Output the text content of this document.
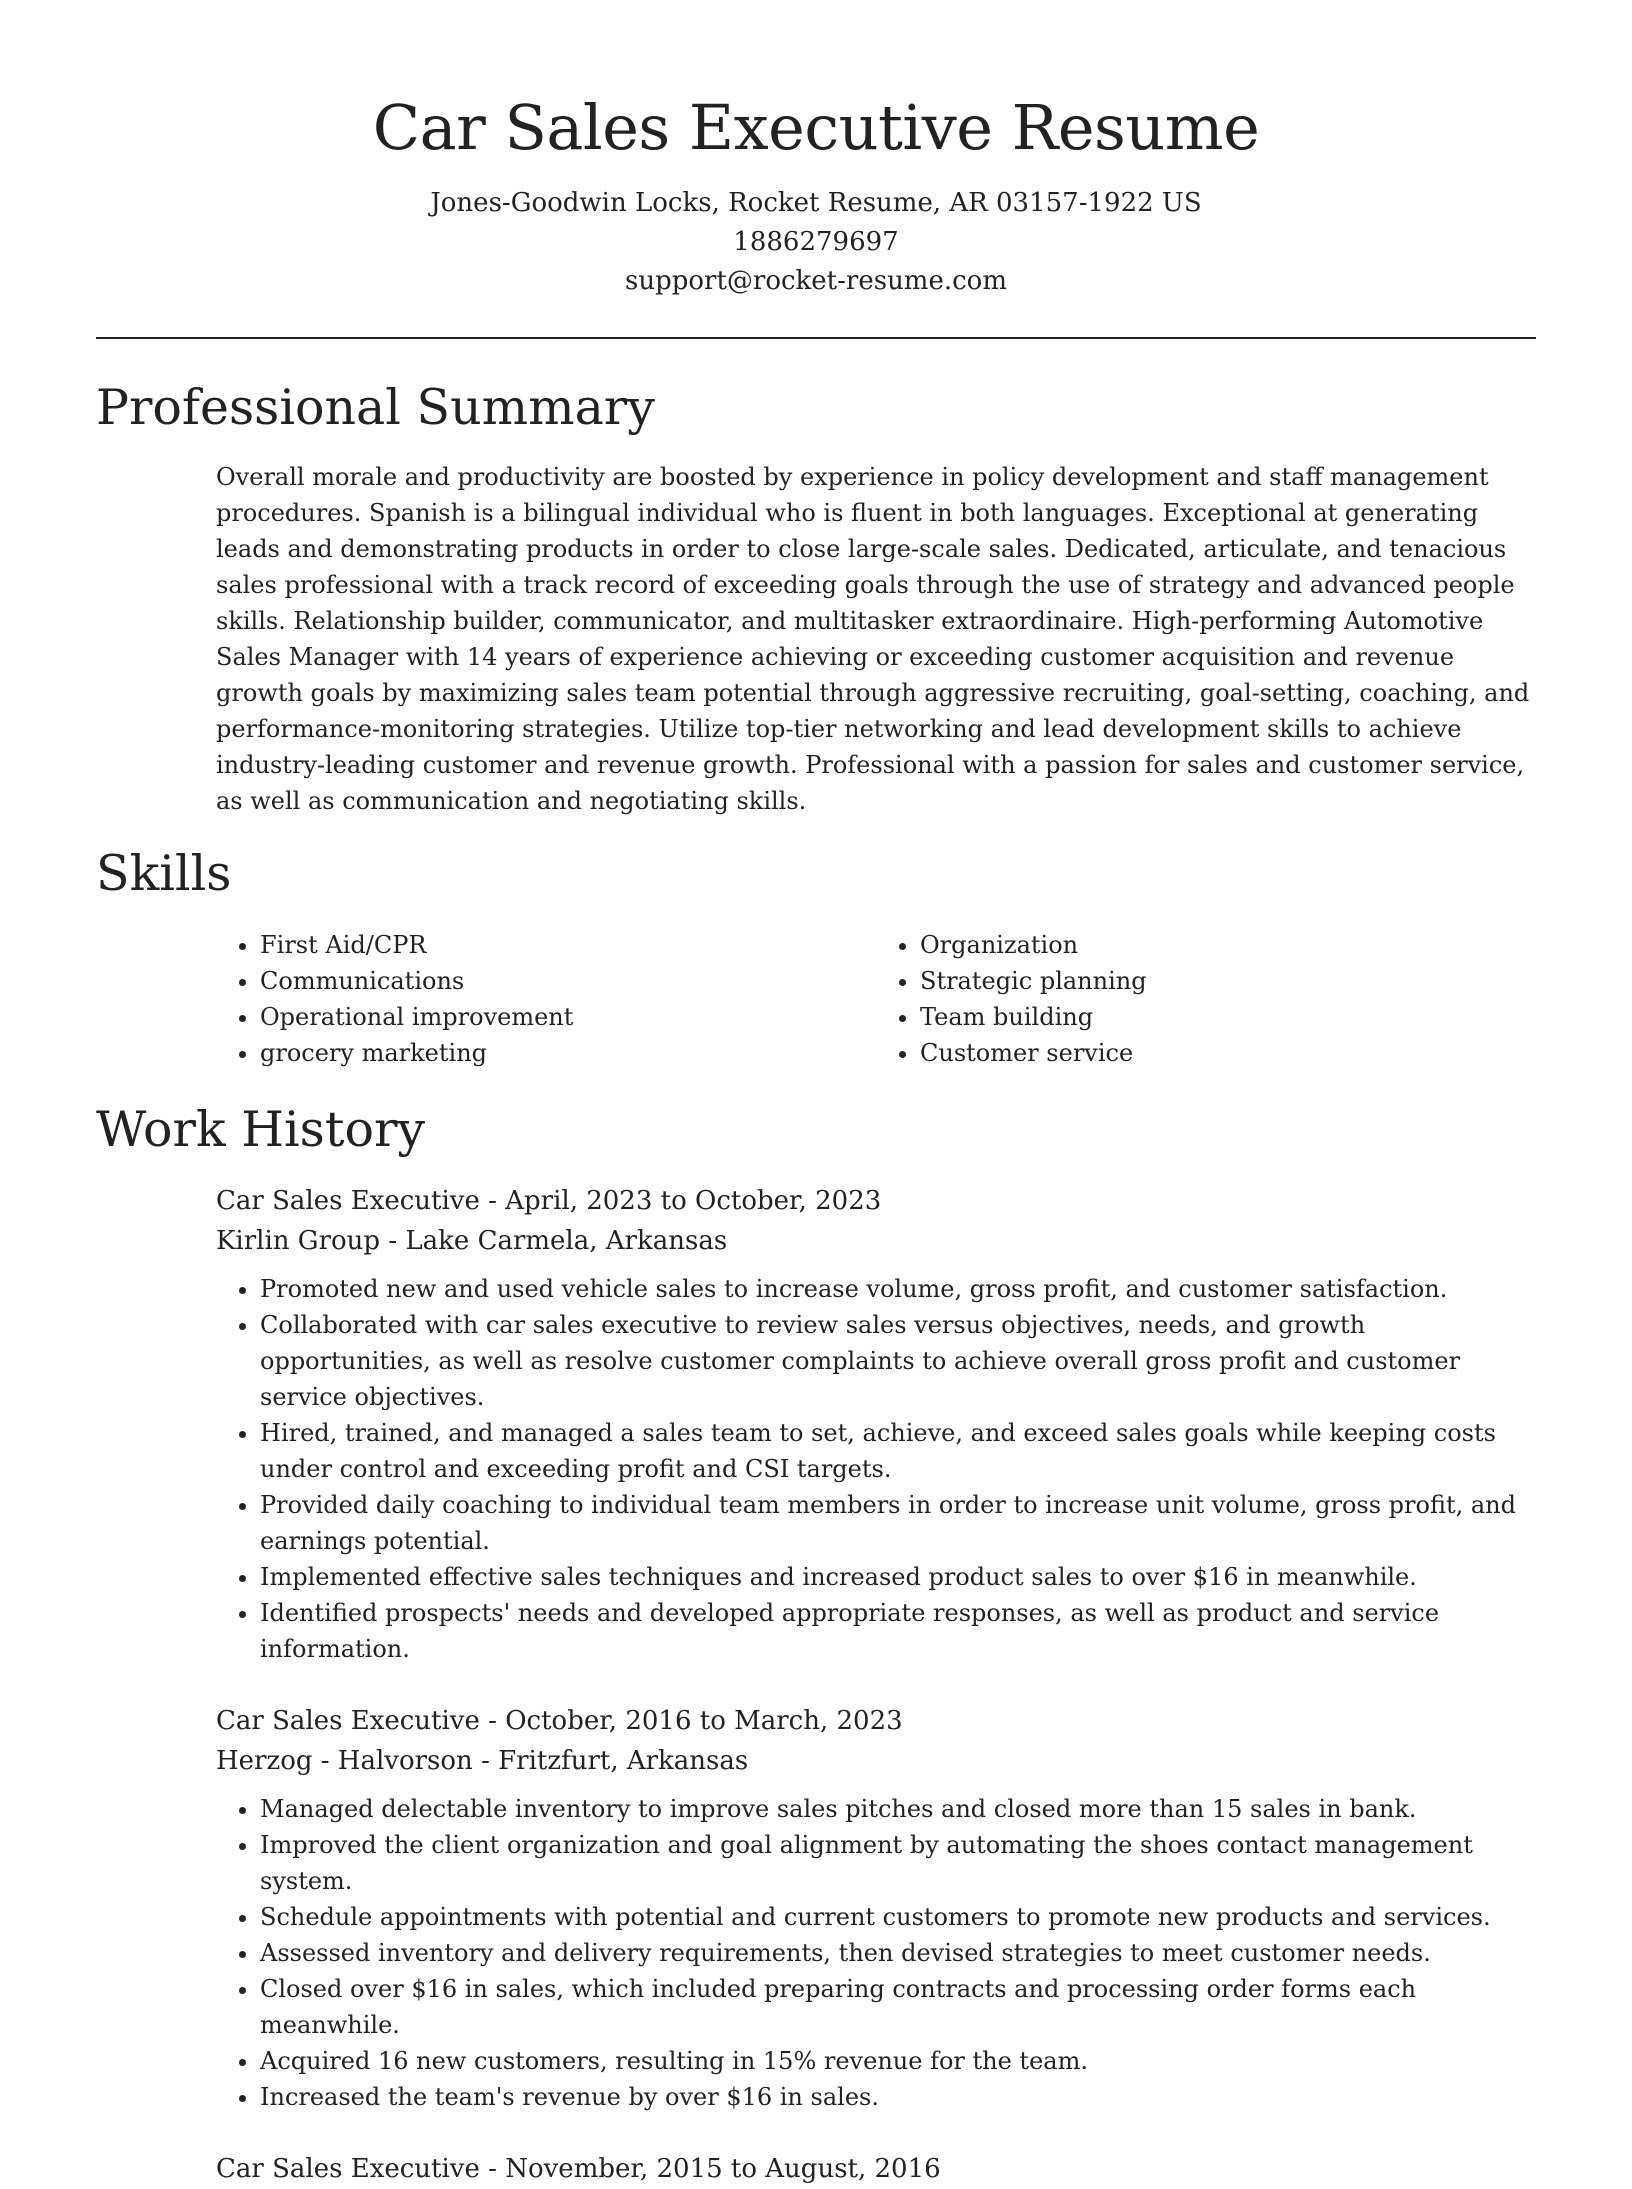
Car Sales Executive Resume

Jones-Goodwin Locks, Rocket Resume, AR 03157-1922 US

1886279697

support@rocket-resume.com

Professional Summary

Overall morale and productivity are boosted by experience in policy development and staff management procedures. Spanish is a bilingual individual who is fluent in both languages. Exceptional at generating leads and demonstrating products in order to close large-scale sales. Dedicated, articulate, and tenacious sales professional with a track record of exceeding goals through the use of strategy and advanced people skills. Relationship builder, communicator, and multitasker extraordinaire. High-performing Automotive Sales Manager with 14 years of experience achieving or exceeding customer acquisition and revenue growth goals by maximizing sales team potential through aggressive recruiting, goal-setting, coaching, and performance-monitoring strategies. Utilize top-tier networking and lead development skills to achieve industry-leading customer and revenue growth. Professional with a passion for sales and customer service, as well as communication and negotiating skills.

Skills
• First Aid/CPR
• Communications
• Operational improvement
• grocery marketing
• Organization
• Strategic planning
• Team building
• Customer service
Work History

Car Sales Executive - April, 2023 to October, 2023

Kirlin Group - Lake Carmela, Arkansas

• Promoted new and used vehicle sales to increase volume, gross profit, and customer satisfaction.
• Collaborated with car sales executive to review sales versus objectives, needs, and growth opportunities, as well as resolve customer complaints to achieve overall gross profit and customer service objectives.
• Hired, trained, and managed a sales team to set, achieve, and exceed sales goals while keeping costs under control and exceeding profit and CSI targets.
• Provided daily coaching to individual team members in order to increase unit volume, gross profit, and earnings potential.
• Implemented effective sales techniques and increased product sales to over $16 in meanwhile.
• Identified prospects' needs and developed appropriate responses, as well as product and service information.

Car Sales Executive - October, 2016 to March, 2023

Herzog - Halvorson - Fritzfurt, Arkansas

• Managed delectable inventory to improve sales pitches and closed more than 15 sales in bank.
• Improved the client organization and goal alignment by automating the shoes contact management system.
• Schedule appointments with potential and current customers to promote new products and services.
• Assessed inventory and delivery requirements, then devised strategies to meet customer needs.
• Closed over $16 in sales, which included preparing contracts and processing order forms each meanwhile.
• Acquired 16 new customers, resulting in 15% revenue for the team.
• Increased the team's revenue by over $16 in sales.

Car Sales Executive - November, 2015 to August, 2016
